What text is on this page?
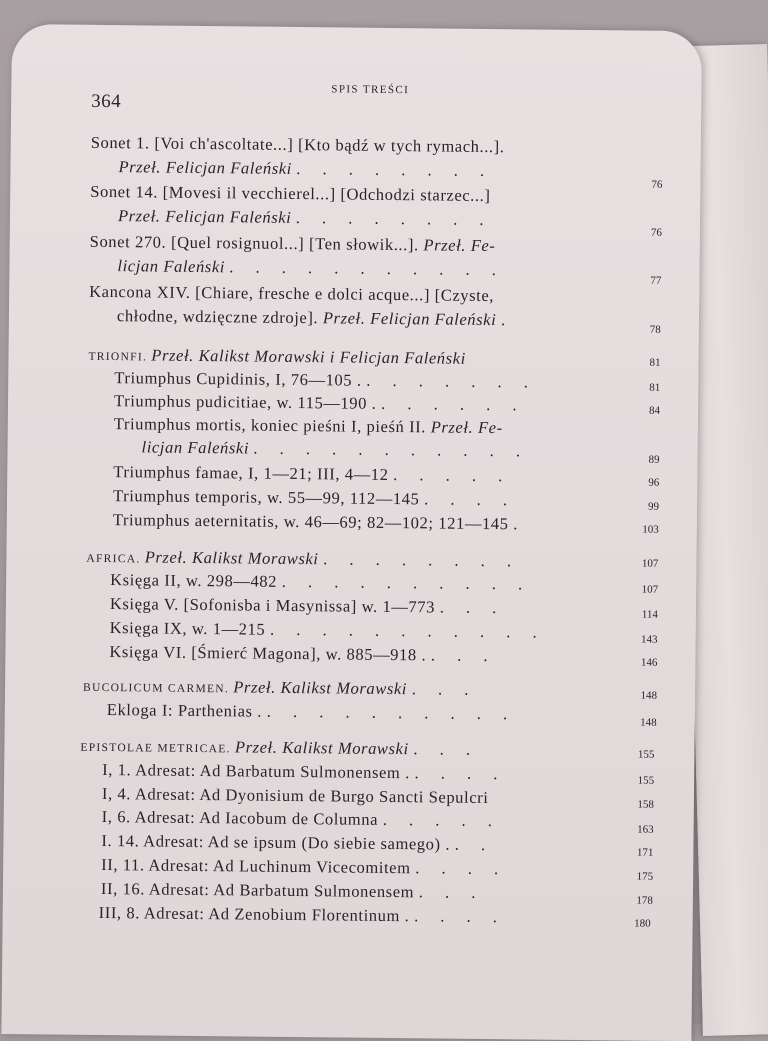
364
SPIS TREŚCI
Sonet 1. [Voi ch'ascoltate...] [Kto bądź w tych rymach...].
Przeł. Felicjan Faleński . . . . . . . .
76
Sonet 14. [Movesi il vecchierel...] [Odchodzi starzec...]
Przeł. Felicjan Faleński . . . . . . . .
76
Sonet 270. [Quel rosignuol...] [Ten słowik...]. Przeł. Fe-
licjan Faleński . . . . . . . . . . .
77
Kancona XIV. [Chiare, fresche e dolci acque...] [Czyste,
chłodne, wdzięczne zdroje]. Przeł. Felicjan Faleński .
78
TRIONFI. Przeł. Kalikst Morawski i Felicjan Faleński	81
Triumphus Cupidinis, I, 76—105 . . . . . . . .	81
Triumphus pudicitiae, w. 115—190 . . . . . . .	84
Triumphus mortis, koniec pieśni I, pieśń II. Przeł. Fe-
licjan Faleński . . . . . . . . . . .	89
Triumphus famae, I, 1—21; III, 4—12 . . . . .	96
Triumphus temporis, w. 55—99, 112—145 . . . .	99
Triumphus aeternitatis, w. 46—69; 82—102; 121—145 .	103
AFRICA. Przeł. Kalikst Morawski . . . . . . . .	107
Księga II, w. 298—482 . . . . . . . . . .	107
Księga V. [Sofonisba i Masynissa] w. 1—773 . . .	114
Księga IX, w. 1—215 . . . . . . . . . . .	143
Księga VI. [Śmierć Magona], w. 885—918 . . . .	146
BUCOLICUM CARMEN. Przeł. Kalikst Morawski . . .	148
Ekloga I: Parthenias . . . . . . . . . . .	148
EPISTOLAE METRICAE. Przeł. Kalikst Morawski . . .	155
I, 1. Adresat: Ad Barbatum Sulmonensem . . . . .	155
I, 4. Adresat: Ad Dyonisium de Burgo Sancti Sepulcri	158
I, 6. Adresat: Ad Iacobum de Columna . . . . .	163
I. 14. Adresat: Ad se ipsum (Do siebie samego) . . .	171
II, 11. Adresat: Ad Luchinum Vicecomitem . . . .	175
II, 16. Adresat: Ad Barbatum Sulmonensem . . .	178
III, 8. Adresat: Ad Zenobium Florentinum . . . . .	180
